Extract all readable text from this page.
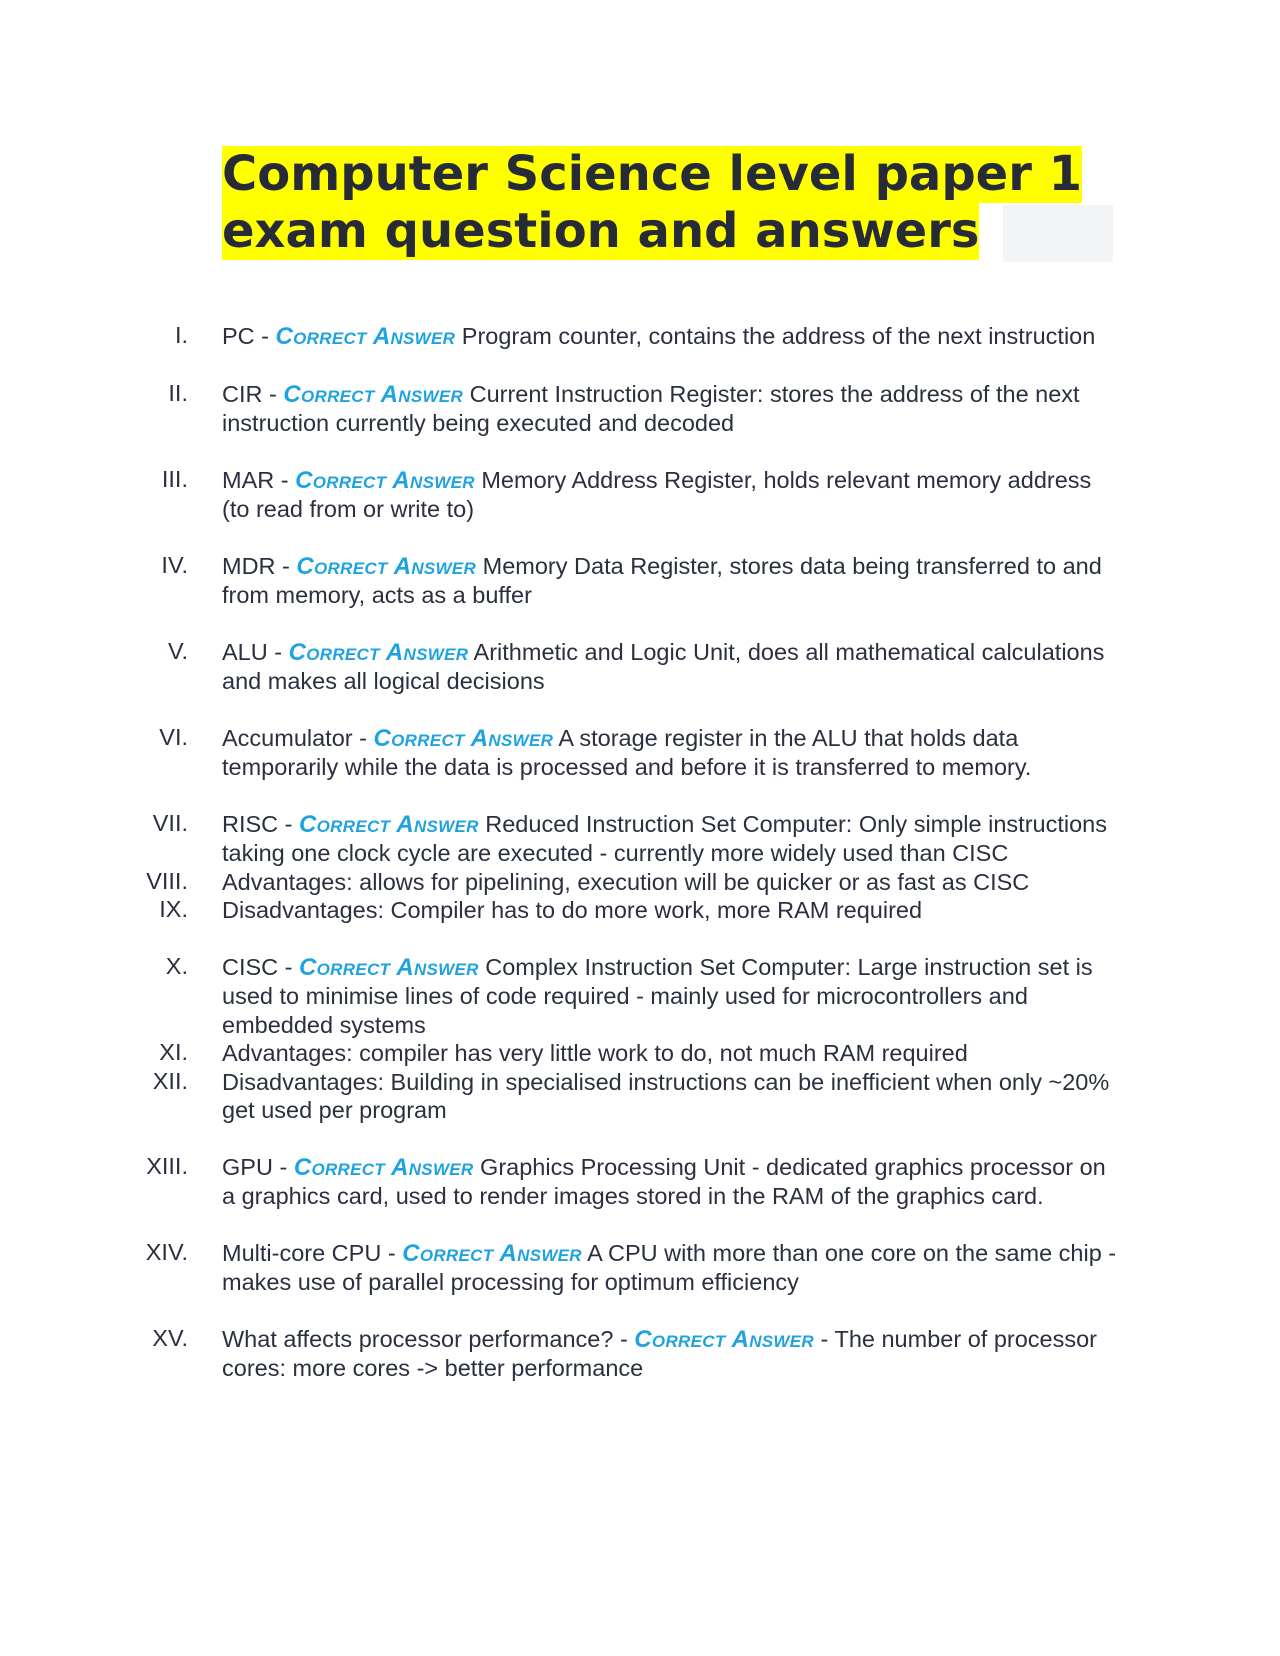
Computer Science level paper 1
exam question and answers
I. PC - Correct Answer Program counter, contains the address of the next instruction
II. CIR - Correct Answer Current Instruction Register: stores the address of the next instruction currently being executed and decoded
III. MAR - Correct Answer Memory Address Register, holds relevant memory address (to read from or write to)
IV. MDR - Correct Answer Memory Data Register, stores data being transferred to and from memory, acts as a buffer
V. ALU - Correct Answer Arithmetic and Logic Unit, does all mathematical calculations and makes all logical decisions
VI. Accumulator - Correct Answer A storage register in the ALU that holds data temporarily while the data is processed and before it is transferred to memory.
VII. RISC - Correct Answer Reduced Instruction Set Computer: Only simple instructions taking one clock cycle are executed - currently more widely used than CISC
VIII. Advantages: allows for pipelining, execution will be quicker or as fast as CISC
IX. Disadvantages: Compiler has to do more work, more RAM required
X. CISC - Correct Answer Complex Instruction Set Computer: Large instruction set is used to minimise lines of code required - mainly used for microcontrollers and embedded systems
XI. Advantages: compiler has very little work to do, not much RAM required
XII. Disadvantages: Building in specialised instructions can be inefficient when only ~20% get used per program
XIII. GPU - Correct Answer Graphics Processing Unit - dedicated graphics processor on a graphics card, used to render images stored in the RAM of the graphics card.
XIV. Multi-core CPU - Correct Answer A CPU with more than one core on the same chip - makes use of parallel processing for optimum efficiency
XV. What affects processor performance? - Correct Answer - The number of processor cores: more cores -> better performance
